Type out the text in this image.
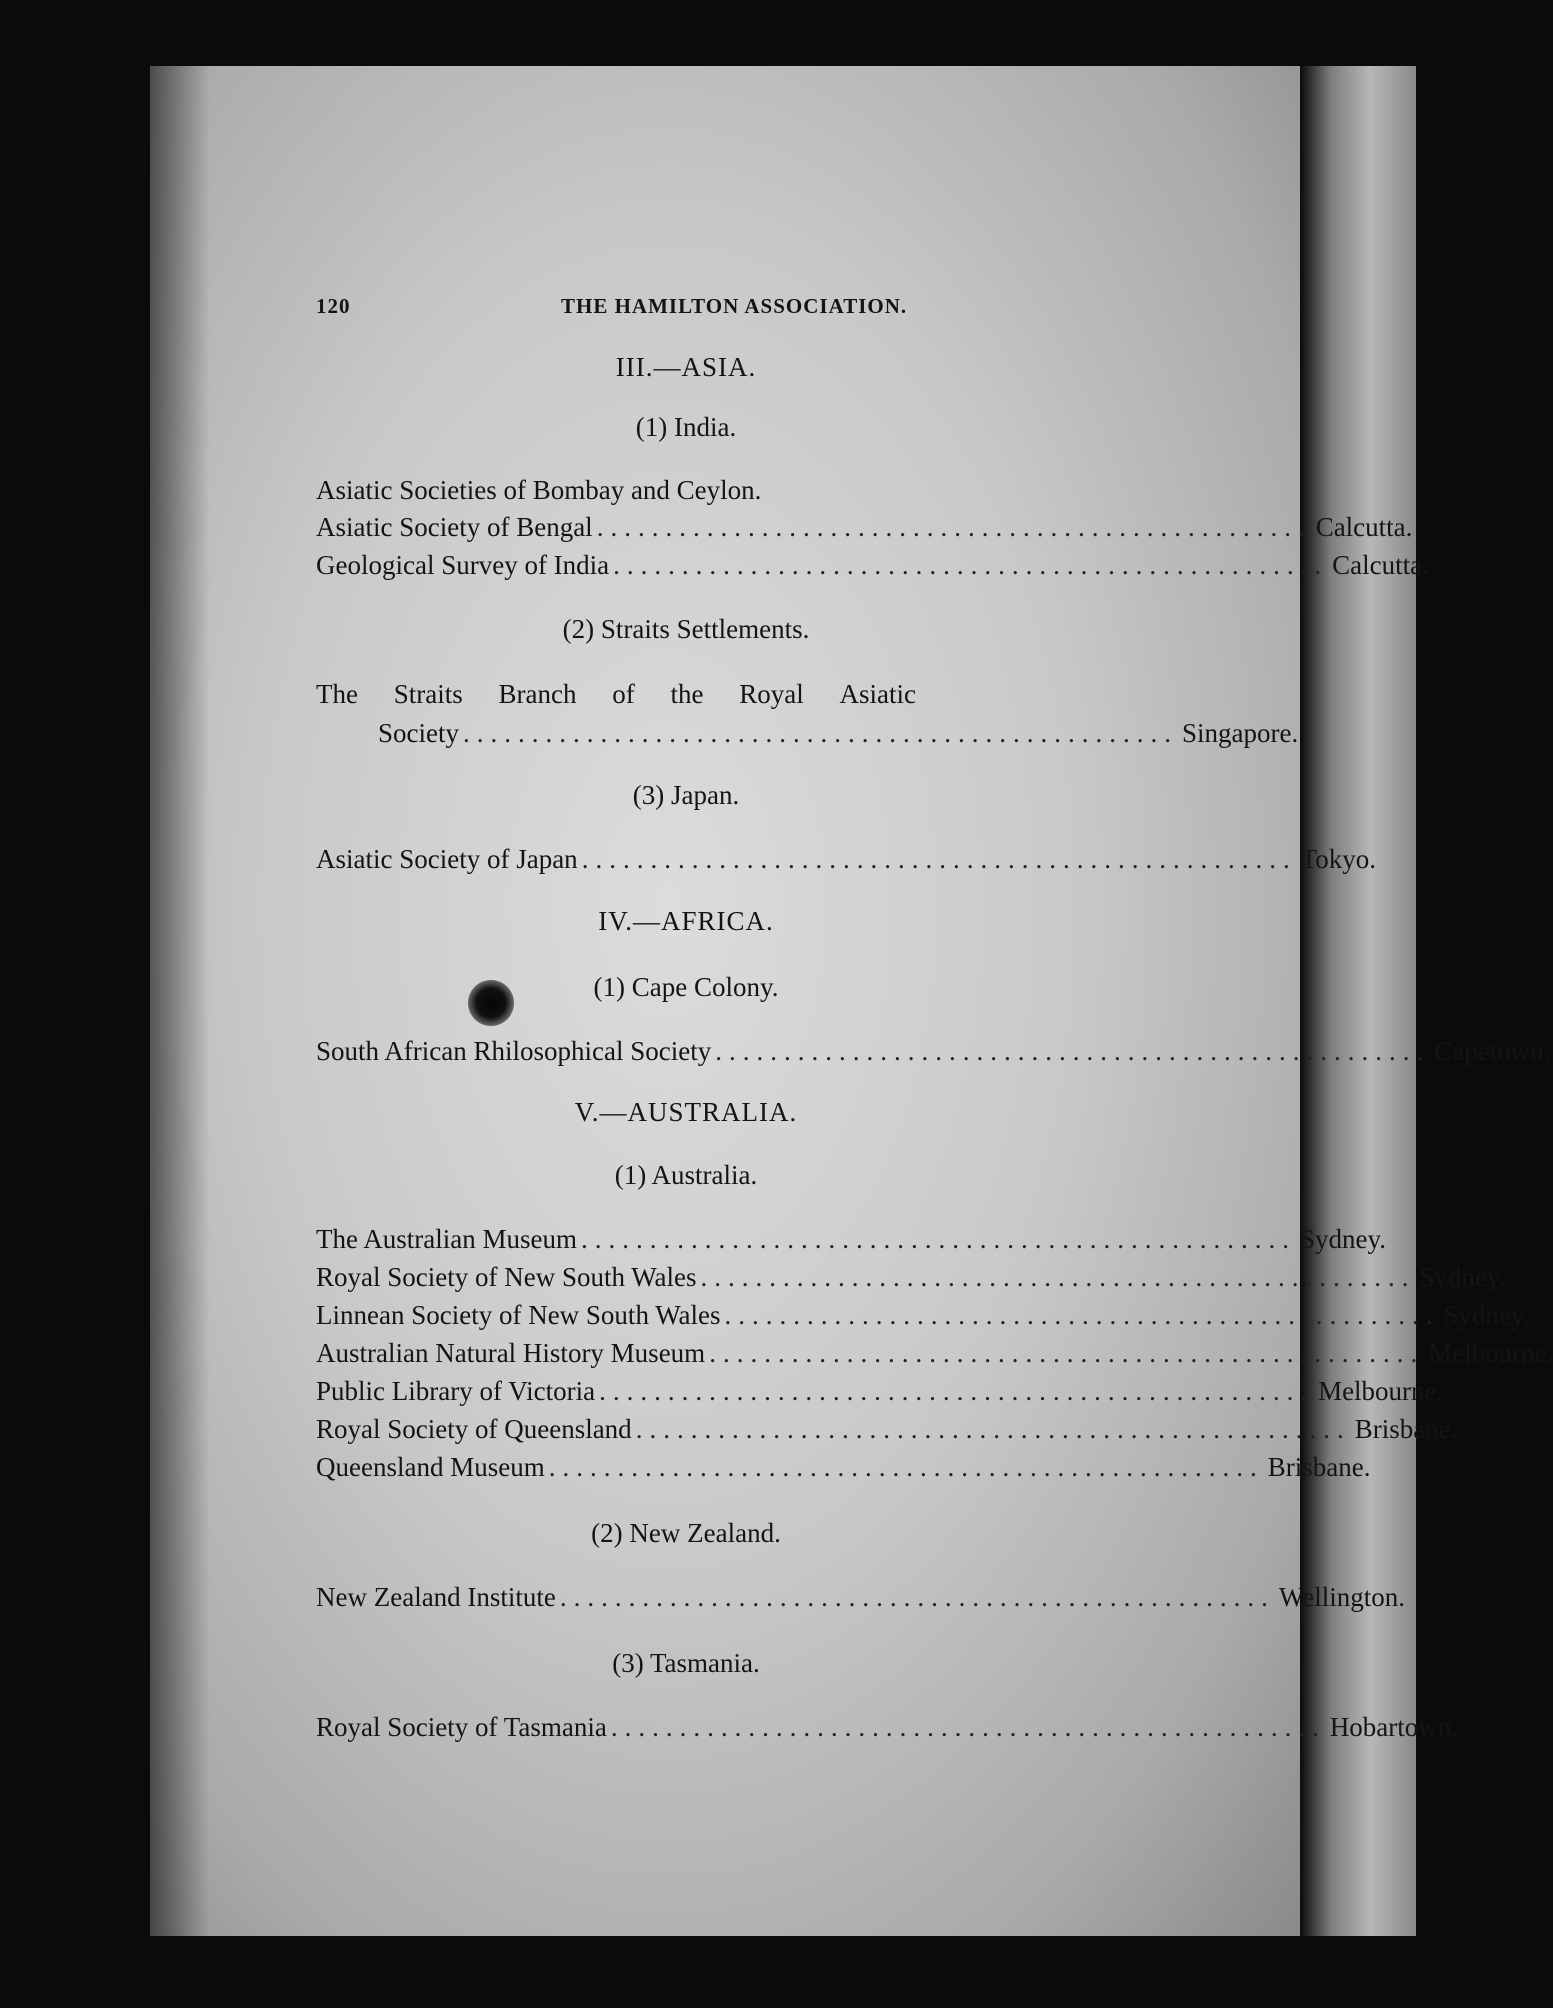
120	THE HAMILTON ASSOCIATION.
III.—ASIA.
(1) India.
Asiatic Societies of Bombay and Ceylon.
Asiatic Society of Bengal .................................................... Calcutta.
Geological Survey of India .................................................... Calcutta.
(2) Straits Settlements.
The Straits Branch of the Royal Asiatic
Society .................................................... Singapore.
(3) Japan.
Asiatic Society of Japan .................................................... Tokyo.
IV.—AFRICA.
(1) Cape Colony.
South African Rhilosophical Society .................................................... Capetown.
V.—AUSTRALIA.
(1) Australia.
The Australian Museum .................................................... Sydney.
Royal Society of New South Wales .................................................... Sydney.
Linnean Society of New South Wales .................................................... Sydney.
Australian Natural History Museum .................................................... Melbourne.
Public Library of Victoria .................................................... Melbourne.
Royal Society of Queensland .................................................... Brisbane.
Queensland Museum .................................................... Brisbane.
(2) New Zealand.
New Zealand Institute .................................................... Wellington.
(3) Tasmania.
Royal Society of Tasmania .................................................... Hobartown.
